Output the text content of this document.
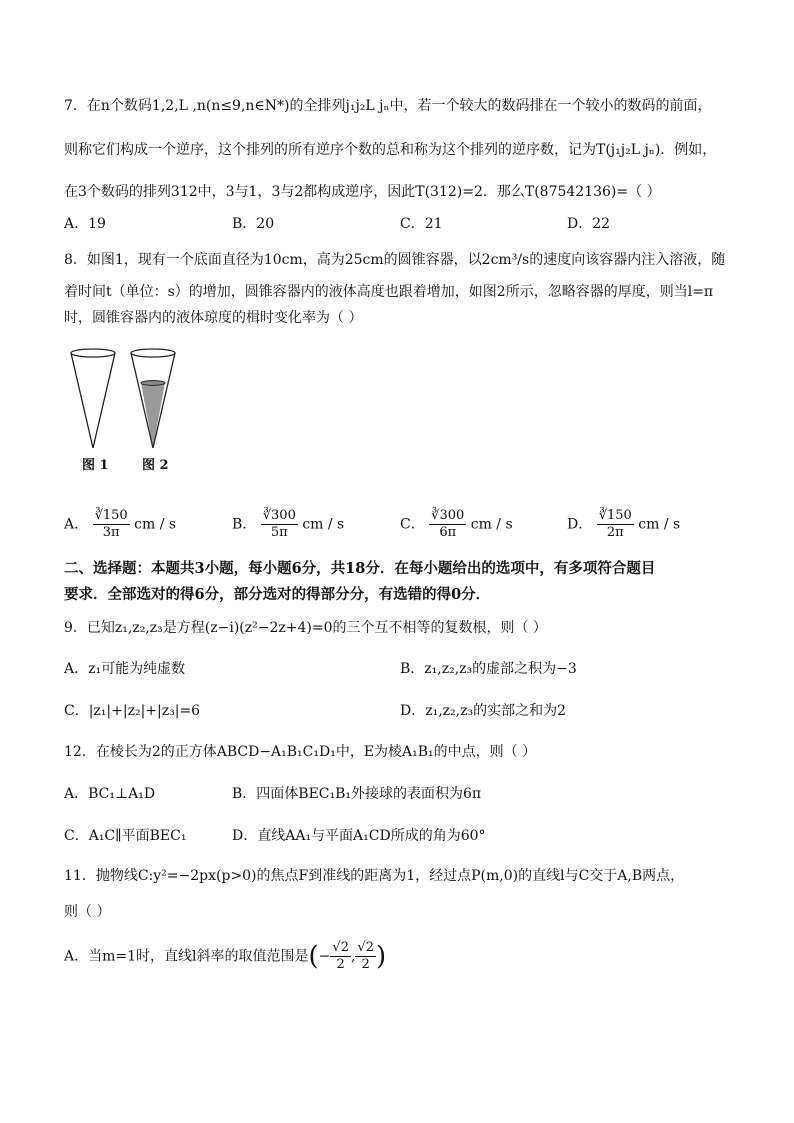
7．在n个数码1,2,L ,n(n≤9,n∈N*)的全排列j₁j₂L jₙ中，若一个较大的数码排在一个较小的数码的前面，
则称它们构成一个逆序，这个排列的所有逆序个数的总和称为这个排列的逆序数，记为T(j₁j₂L jₙ)．例如，
在3个数码的排列312中，3与1，3与2都构成逆序，因此T(312)=2．那么T(87542136)=（ ）
A．19	B．20	C．21	D．22
8．如图1，现有一个底面直径为10cm，高为25cm的圆锥容器，以2cm³/s的速度向该容器内注入溶液，随
着时间t（单位：s）的增加，圆锥容器内的液体高度也跟着增加，如图2所示，忽略容器的厚度，则当l=π
时，圆锥容器内的液体琼度的楫时变化率为（ ）
图 1	图 2
A． $\frac{∛150}{3\pi}$ cm / s	B． $\frac{∛300}{5\pi}$ cm / s	C． $\frac{∛300}{6\pi}$ cm / s	D． $\frac{∛150}{2\pi}$ cm / s
二、选择题：本题共3小题，每小题6分，共18分．在每小题给出的选项中，有多项符合题目
要求．全部选对的得6分，部分选对的得部分分，有选错的得0分．
9．已知z₁,z₂,z₃是方程(z−i)(z²−2z+4)=0的三个互不相等的复数根，则（ ）
A．z₁可能为纯虚数	B．z₁,z₂,z₃的虚部之积为−3
C．|z₁|+|z₂|+|z₃|=6	D．z₁,z₂,z₃的实部之和为2
12．在棱长为2的正方体ABCD−A₁B₁C₁D₁中，E为棱A₁B₁的中点，则（ ）
A．BC₁⊥A₁D	B．四面体BEC₁B₁外接球的表面积为6π
C．A₁C∥平面BEC₁	D．直线AA₁与平面A₁CD所成的角为60°
11．抛物线C:y²=−2px(p>0)的焦点F到准线的距离为1，经过点P(m,0)的直线l与C交于A,B两点，
则（ ）
A．当m=1时，直线l斜率的取值范围是(− $\frac{√2}{2}$ , $\frac{√2}{2}$ )
